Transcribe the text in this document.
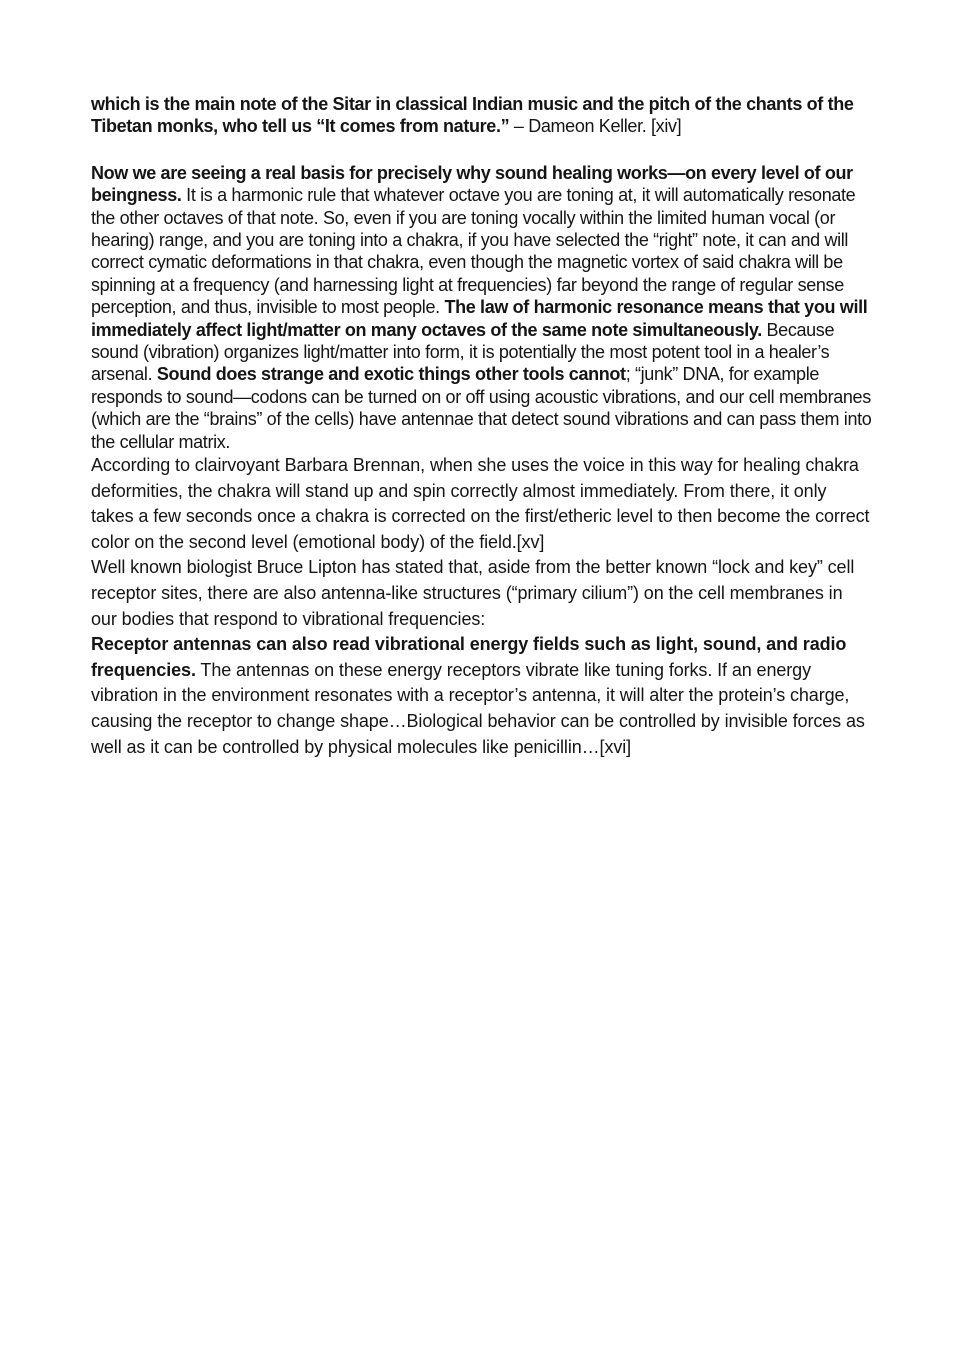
which is the main note of the Sitar in classical Indian music and the pitch of the chants of the Tibetan monks, who tell us “It comes from nature.” – Dameon Keller. [xiv]

Now we are seeing a real basis for precisely why sound healing works—on every level of our beingness. It is a harmonic rule that whatever octave you are toning at, it will automatically resonate the other octaves of that note. So, even if you are toning vocally within the limited human vocal (or hearing) range, and you are toning into a chakra, if you have selected the “right” note, it can and will correct cymatic deformations in that chakra, even though the magnetic vortex of said chakra will be spinning at a frequency (and harnessing light at frequencies) far beyond the range of regular sense perception, and thus, invisible to most people. The law of harmonic resonance means that you will immediately affect light/matter on many octaves of the same note simultaneously. Because sound (vibration) organizes light/matter into form, it is potentially the most potent tool in a healer’s arsenal. Sound does strange and exotic things other tools cannot; “junk” DNA, for example responds to sound—codons can be turned on or off using acoustic vibrations, and our cell membranes (which are the “brains” of the cells) have antennae that detect sound vibrations and can pass them into the cellular matrix.

According to clairvoyant Barbara Brennan, when she uses the voice in this way for healing chakra deformities, the chakra will stand up and spin correctly almost immediately. From there, it only takes a few seconds once a chakra is corrected on the first/etheric level to then become the correct color on the second level (emotional body) of the field.[xv]

Well known biologist Bruce Lipton has stated that, aside from the better known “lock and key” cell receptor sites, there are also antenna-like structures (“primary cilium”) on the cell membranes in our bodies that respond to vibrational frequencies:

Receptor antennas can also read vibrational energy fields such as light, sound, and radio frequencies. The antennas on these energy receptors vibrate like tuning forks. If an energy vibration in the environment resonates with a receptor’s antenna, it will alter the protein’s charge, causing the receptor to change shape…Biological behavior can be controlled by invisible forces as well as it can be controlled by physical molecules like penicillin…[xvi]
